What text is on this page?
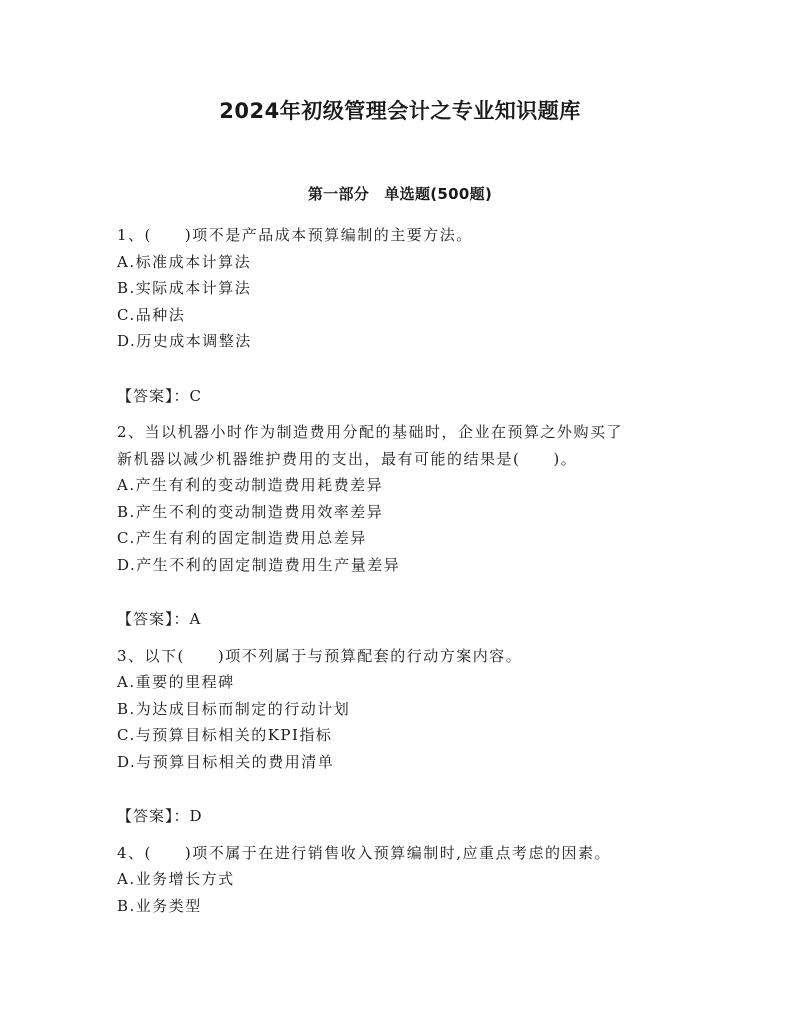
2024年初级管理会计之专业知识题库
第一部分　单选题(500题)
1、(　　)项不是产品成本预算编制的主要方法。
A.标准成本计算法
B.实际成本计算法
C.品种法
D.历史成本调整法
【答案】：C
2、当以机器小时作为制造费用分配的基础时，企业在预算之外购买了
新机器以减少机器维护费用的支出，最有可能的结果是(　　)。
A.产生有利的变动制造费用耗费差异
B.产生不利的变动制造费用效率差异
C.产生有利的固定制造费用总差异
D.产生不利的固定制造费用生产量差异
【答案】：A
3、以下(　　)项不列属于与预算配套的行动方案内容。
A.重要的里程碑
B.为达成目标而制定的行动计划
C.与预算目标相关的KPI指标
D.与预算目标相关的费用清单
【答案】：D
4、(　　)项不属于在进行销售收入预算编制时,应重点考虑的因素。
A.业务增长方式
B.业务类型
